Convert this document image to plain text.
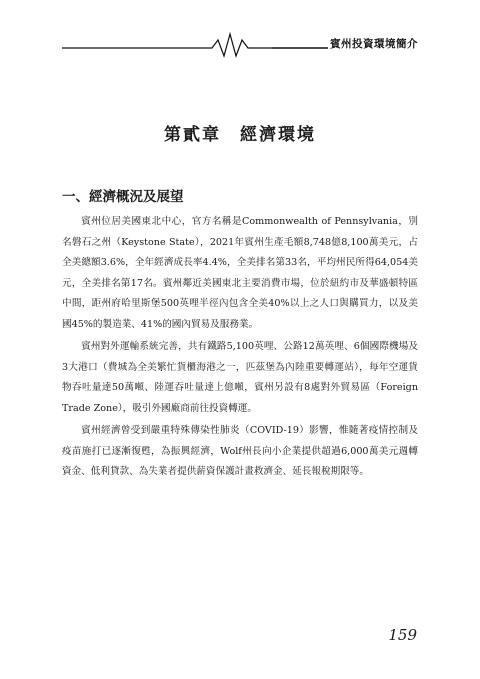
賓州投資環境簡介
第貳章　經濟環境
一、經濟概況及展望

賓州位居美國東北中心，官方名稱是Commonwealth of Pennsylvania，別名磐石之州（Keystone State），2021年賓州生產毛額8,748億8,100萬美元，占全美總額3.6%，全年經濟成長率4.4%，全美排名第33名，平均州民所得64,054美元，全美排名第17名。賓州鄰近美國東北主要消費市場，位於紐約市及華盛頓特區中間，距州府哈里斯堡500英哩半徑內包含全美40%以上之人口與購買力，以及美國45%的製造業、41%的國內貿易及服務業。

賓州對外運輸系統完善，共有鐵路5,100英哩、公路12萬英哩、6個國際機場及3大港口（費城為全美繁忙貨櫃海港之一，匹茲堡為內陸重要轉運站），每年空運貨物吞吐量達50萬噸、陸運吞吐量達上億噸，賓州另設有8處對外貿易區（Foreign Trade Zone），吸引外國廠商前往投資轉運。

賓州經濟曾受到嚴重特殊傳染性肺炎（COVID-19）影響，惟隨著疫情控制及疫苗施打已逐漸復甦，為振興經濟，Wolf州長向小企業提供超過6,000萬美元週轉資金、低利貸款、為失業者提供薪資保護計畫救濟金、延長報稅期限等。

159
